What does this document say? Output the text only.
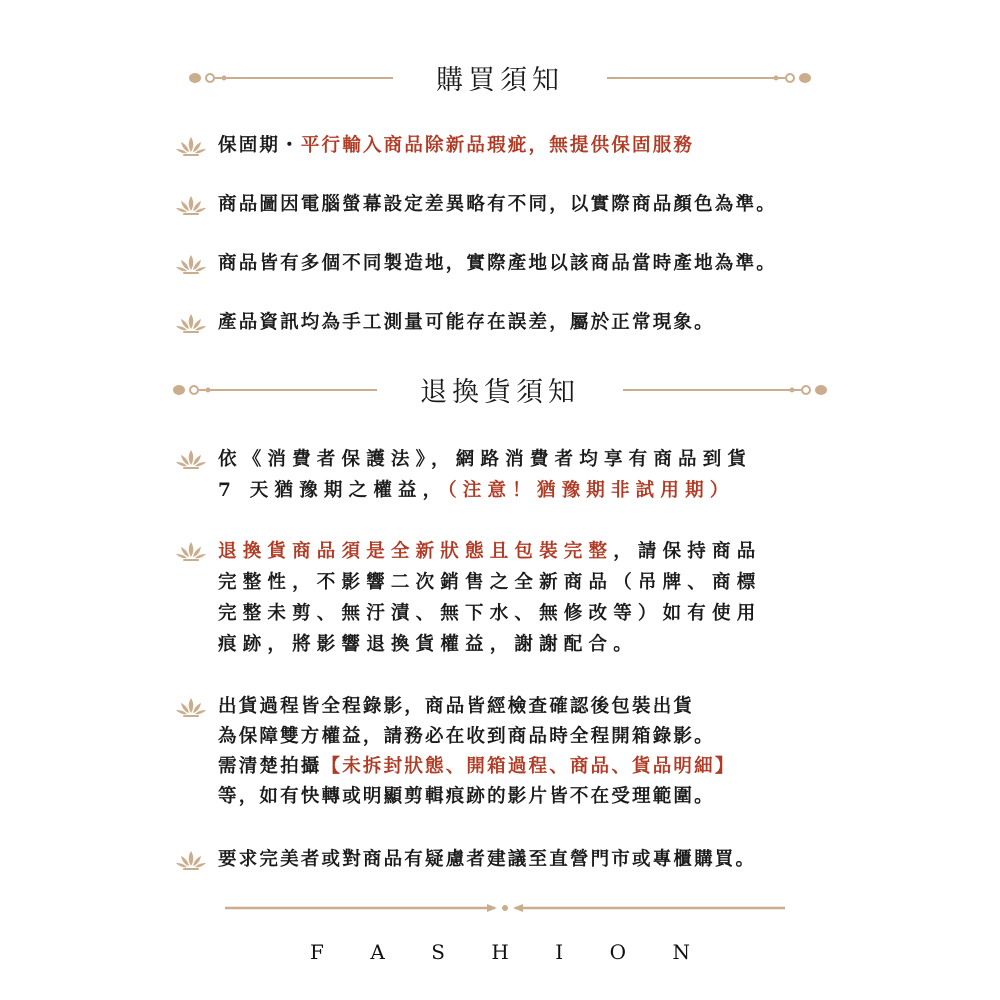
購買須知
保固期・平行輸入商品除新品瑕疵，無提供保固服務
商品圖因電腦螢幕設定差異略有不同，以實際商品顏色為準。
商品皆有多個不同製造地，實際產地以該商品當時產地為準。
產品資訊均為手工測量可能存在誤差，屬於正常現象。
退換貨須知
依《消費者保護法》，網路消費者均享有商品到貨
7 天猶豫期之權益，（注意！猶豫期非試用期）
退換貨商品須是全新狀態且包裝完整，請保持商品
完整性，不影響二次銷售之全新商品（吊牌、商標
完整未剪、無汙漬、無下水、無修改等）如有使用
痕跡，將影響退換貨權益，謝謝配合。
出貨過程皆全程錄影，商品皆經檢查確認後包裝出貨
為保障雙方權益，請務必在收到商品時全程開箱錄影。
需清楚拍攝【未拆封狀態、開箱過程、商品、貨品明細】
等，如有快轉或明顯剪輯痕跡的影片皆不在受理範圍。
要求完美者或對商品有疑慮者建議至直營門市或專櫃購買。
F A S H I O N
